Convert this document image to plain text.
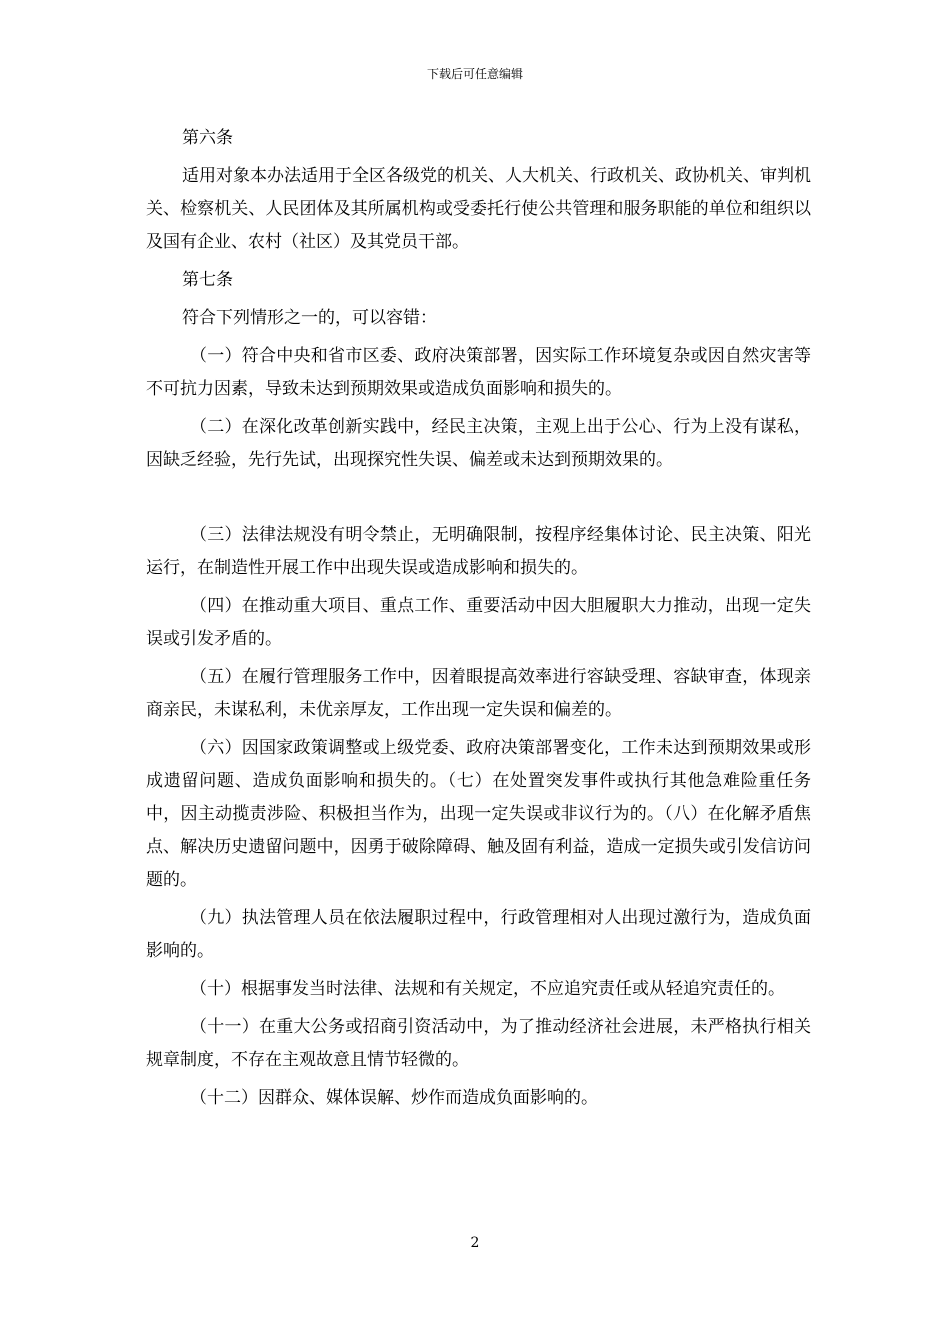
下载后可任意编辑

第六条

适用对象本办法适用于全区各级党的机关、人大机关、行政机关、政协机关、审判机关、检察机关、人民团体及其所属机构或受委托行使公共管理和服务职能的单位和组织以及国有企业、农村（社区）及其党员干部。

第七条

符合下列情形之一的，可以容错：

（一）符合中央和省市区委、政府决策部署，因实际工作环境复杂或因自然灾害等不可抗力因素，导致未达到预期效果或造成负面影响和损失的。

（二）在深化改革创新实践中，经民主决策，主观上出于公心、行为上没有谋私，因缺乏经验，先行先试，出现探究性失误、偏差或未达到预期效果的。

（三）法律法规没有明令禁止，无明确限制，按程序经集体讨论、民主决策、阳光运行，在制造性开展工作中出现失误或造成影响和损失的。

（四）在推动重大项目、重点工作、重要活动中因大胆履职大力推动，出现一定失误或引发矛盾的。

（五）在履行管理服务工作中，因着眼提高效率进行容缺受理、容缺审查，体现亲商亲民，未谋私利，未优亲厚友，工作出现一定失误和偏差的。

（六）因国家政策调整或上级党委、政府决策部署变化，工作未达到预期效果或形成遗留问题、造成负面影响和损失的。（七）在处置突发事件或执行其他急难险重任务中，因主动揽责涉险、积极担当作为，出现一定失误或非议行为的。（八）在化解矛盾焦点、解决历史遗留问题中，因勇于破除障碍、触及固有利益，造成一定损失或引发信访问题的。

（九）执法管理人员在依法履职过程中，行政管理相对人出现过激行为，造成负面影响的。

（十）根据事发当时法律、法规和有关规定，不应追究责任或从轻追究责任的。

（十一）在重大公务或招商引资活动中，为了推动经济社会进展，未严格执行相关规章制度，不存在主观故意且情节轻微的。

（十二）因群众、媒体误解、炒作而造成负面影响的。

2
